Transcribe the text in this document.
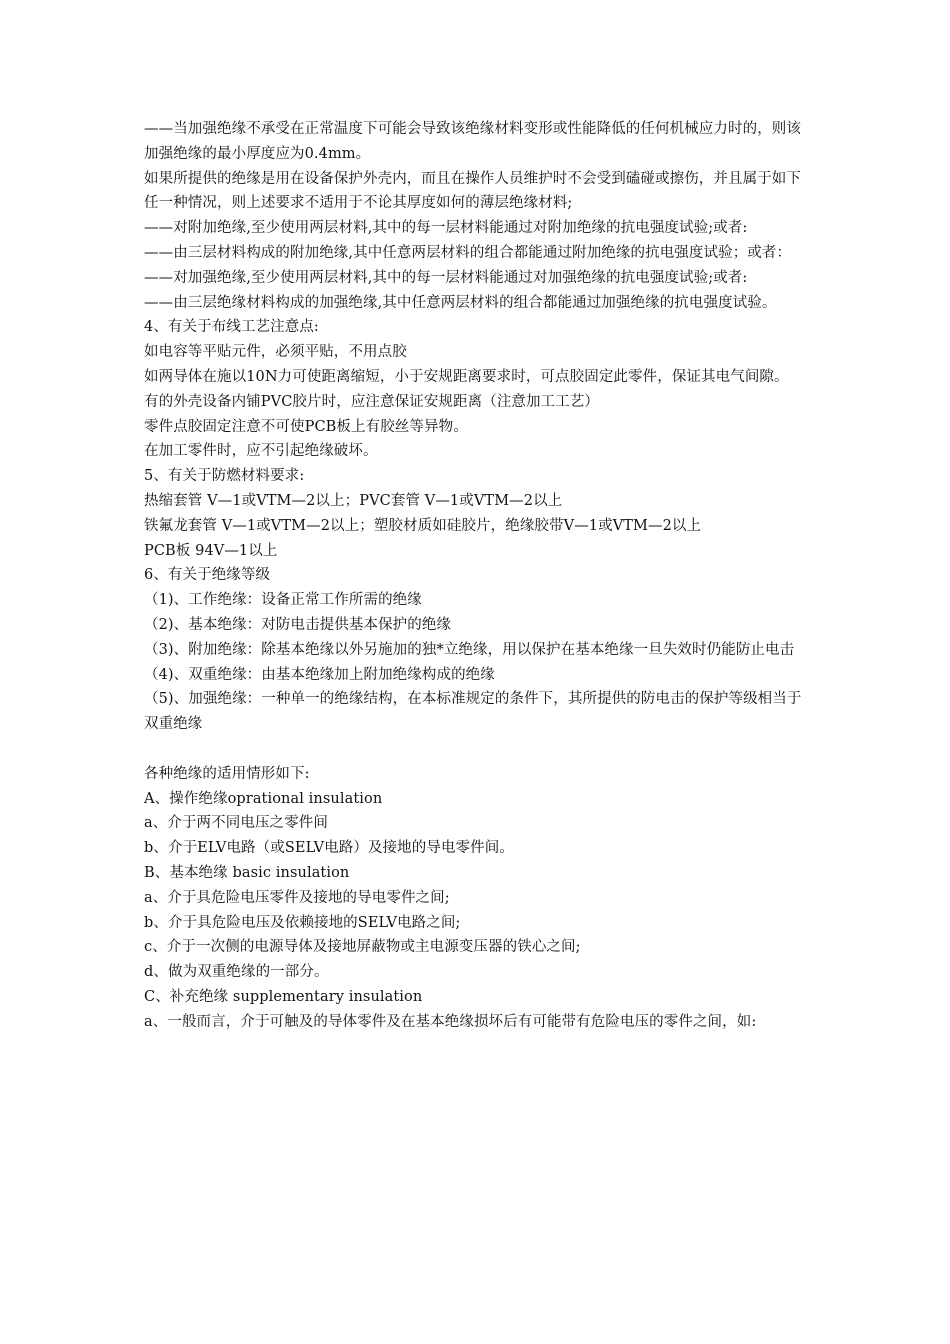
——当加强绝缘不承受在正常温度下可能会导致该绝缘材料变形或性能降低的任何机械应力时的，则该加强绝缘的最小厚度应为0.4mm。

如果所提供的绝缘是用在设备保护外壳内，而且在操作人员维护时不会受到磕碰或擦伤，并且属于如下任一种情况，则上述要求不适用于不论其厚度如何的薄层绝缘材料;

——对附加绝缘,至少使用两层材料,其中的每一层材料能通过对附加绝缘的抗电强度试验;或者:

——由三层材料构成的附加绝缘,其中任意两层材料的组合都能通过附加绝缘的抗电强度试验；或者：

——对加强绝缘,至少使用两层材料,其中的每一层材料能通过对加强绝缘的抗电强度试验;或者:

——由三层绝缘材料构成的加强绝缘,其中任意两层材料的组合都能通过加强绝缘的抗电强度试验。

4、有关于布线工艺注意点:

如电容等平贴元件，必须平贴，不用点胶

如两导体在施以10N力可使距离缩短，小于安规距离要求时，可点胶固定此零件，保证其电气间隙。

有的外壳设备内铺PVC胶片时，应注意保证安规距离（注意加工工艺）

零件点胶固定注意不可使PCB板上有胶丝等异物。

在加工零件时，应不引起绝缘破坏。

5、有关于防燃材料要求:

热缩套管 V—1或VTM—2以上；PVC套管 V—1或VTM—2以上

铁氟龙套管 V—1或VTM—2以上；塑胶材质如硅胶片，绝缘胶带V—1或VTM—2以上

PCB板 94V—1以上

6、有关于绝缘等级

（1)、工作绝缘：设备正常工作所需的绝缘

（2)、基本绝缘：对防电击提供基本保护的绝缘

（3)、附加绝缘：除基本绝缘以外另施加的独*立绝缘，用以保护在基本绝缘一旦失效时仍能防止电击

（4)、双重绝缘：由基本绝缘加上附加绝缘构成的绝缘

（5)、加强绝缘：一种单一的绝缘结构，在本标准规定的条件下，其所提供的防电击的保护等级相当于双重绝缘

各种绝缘的适用情形如下:

A、操作绝缘oprational insulation

a、介于两不同电压之零件间

b、介于ELV电路（或SELV电路）及接地的导电零件间。

B、基本绝缘 basic insulation

a、介于具危险电压零件及接地的导电零件之间;

b、介于具危险电压及依赖接地的SELV电路之间;

c、介于一次侧的电源导体及接地屏蔽物或主电源变压器的铁心之间;

d、做为双重绝缘的一部分。

C、补充绝缘 supplementary insulation

a、一般而言，介于可触及的导体零件及在基本绝缘损坏后有可能带有危险电压的零件之间，如:
